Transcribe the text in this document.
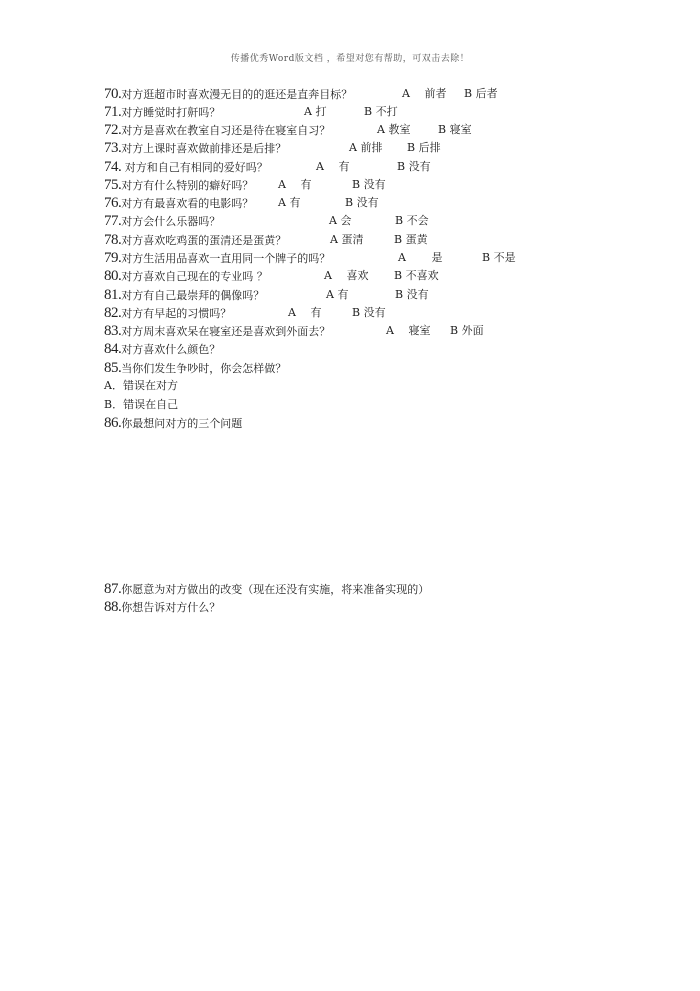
传播优秀Word版文档 ，希望对您有帮助，可双击去除！
70.对方逛超市时喜欢漫无目的的逛还是直奔目标？	A　 前者 B 后者
71.对方睡觉时打鼾吗？	A 打	B 不打
72.对方是喜欢在教室自习还是待在寝室自习？	A 教室	B 寝室
73.对方上课时喜欢做前排还是后排？	A 前排 B 后排
74. 对方和自己有相同的爱好吗？	A　 有	B 没有
75.对方有什么特别的癖好吗？ A　 有	B 没有
76.对方有最喜欢看的电影吗？ A 有	B 没有
77.对方会什么乐器吗？	A 会	B 不会
78.对方喜欢吃鸡蛋的蛋清还是蛋黄？	A 蛋清	B 蛋黄
79.对方生活用品喜欢一直用同一个牌子的吗？	A　　 是	B 不是
80.对方喜欢自己现在的专业吗 ？	A　 喜欢 B 不喜欢
81.对方有自己最崇拜的偶像吗？	A 有	B 没有
82.对方有早起的习惯吗？	A　 有	B 没有
83.对方周末喜欢呆在寝室还是喜欢到外面去？	A　 寝室 B 外面
84.对方喜欢什么颜色？
85.当你们发生争吵时，你会怎样做？
A．错误在对方
B．错误在自己
86.你最想问对方的三个问题
87.你愿意为对方做出的改变（现在还没有实施，将来准备实现的）
88.你想告诉对方什么？
